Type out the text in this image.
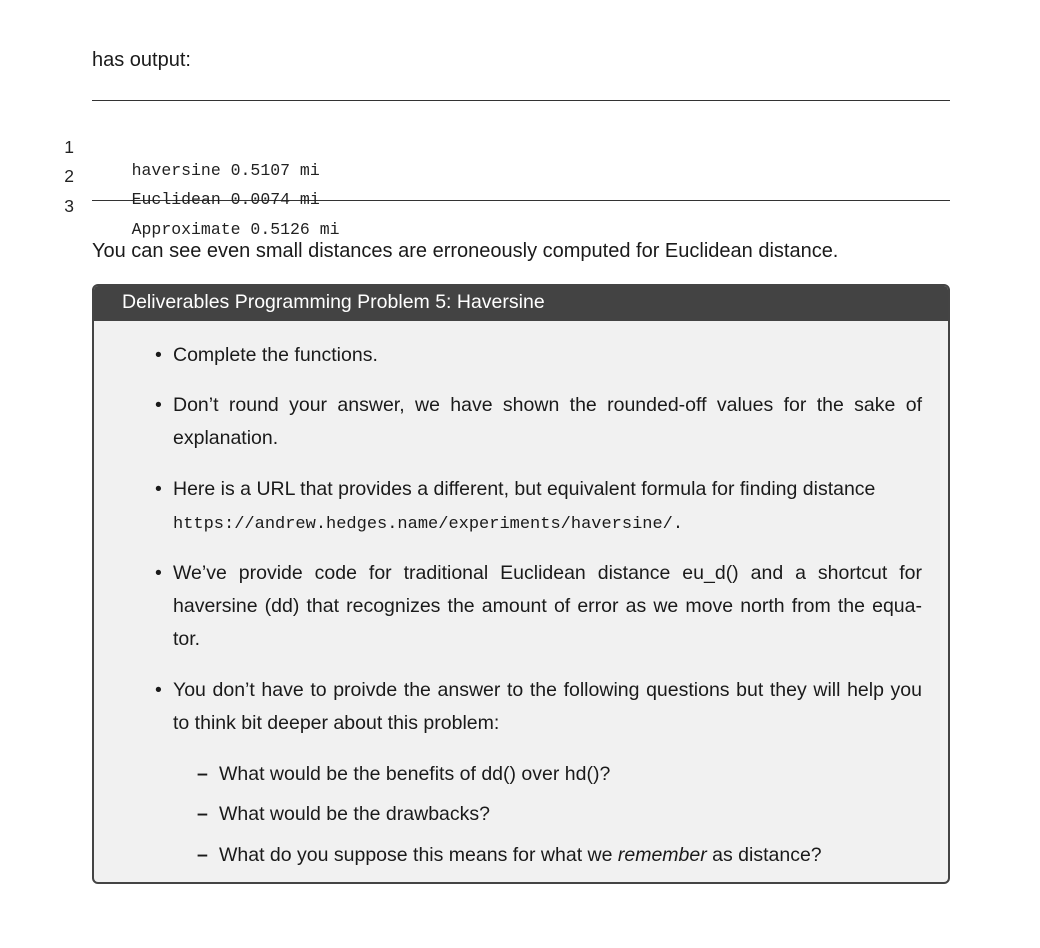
has output:

1

haversine 0.5107 mi

2

Euclidean 0.0074 mi

3

Approximate 0.5126 mi

You can see even small distances are erroneously computed for Euclidean distance.
Deliverables Programming Problem 5: Haversine
• Complete the functions.
• Don’t round your answer, we have shown the rounded-off values for the sake of explanation.
• Here is a URL that provides a different, but equivalent formula for finding distance
https://andrew.hedges.name/experiments/haversine/.
• We’ve provide code for traditional Euclidean distance eu_d() and a shortcut for haversine (dd) that recognizes the amount of error as we move north from the equa-tor.
• You don’t have to proivde the answer to the following questions but they will help you to think bit deeper about this problem:
– What would be the benefits of dd() over hd()?
– What would be the drawbacks?
– What do you suppose this means for what we remember as distance?
